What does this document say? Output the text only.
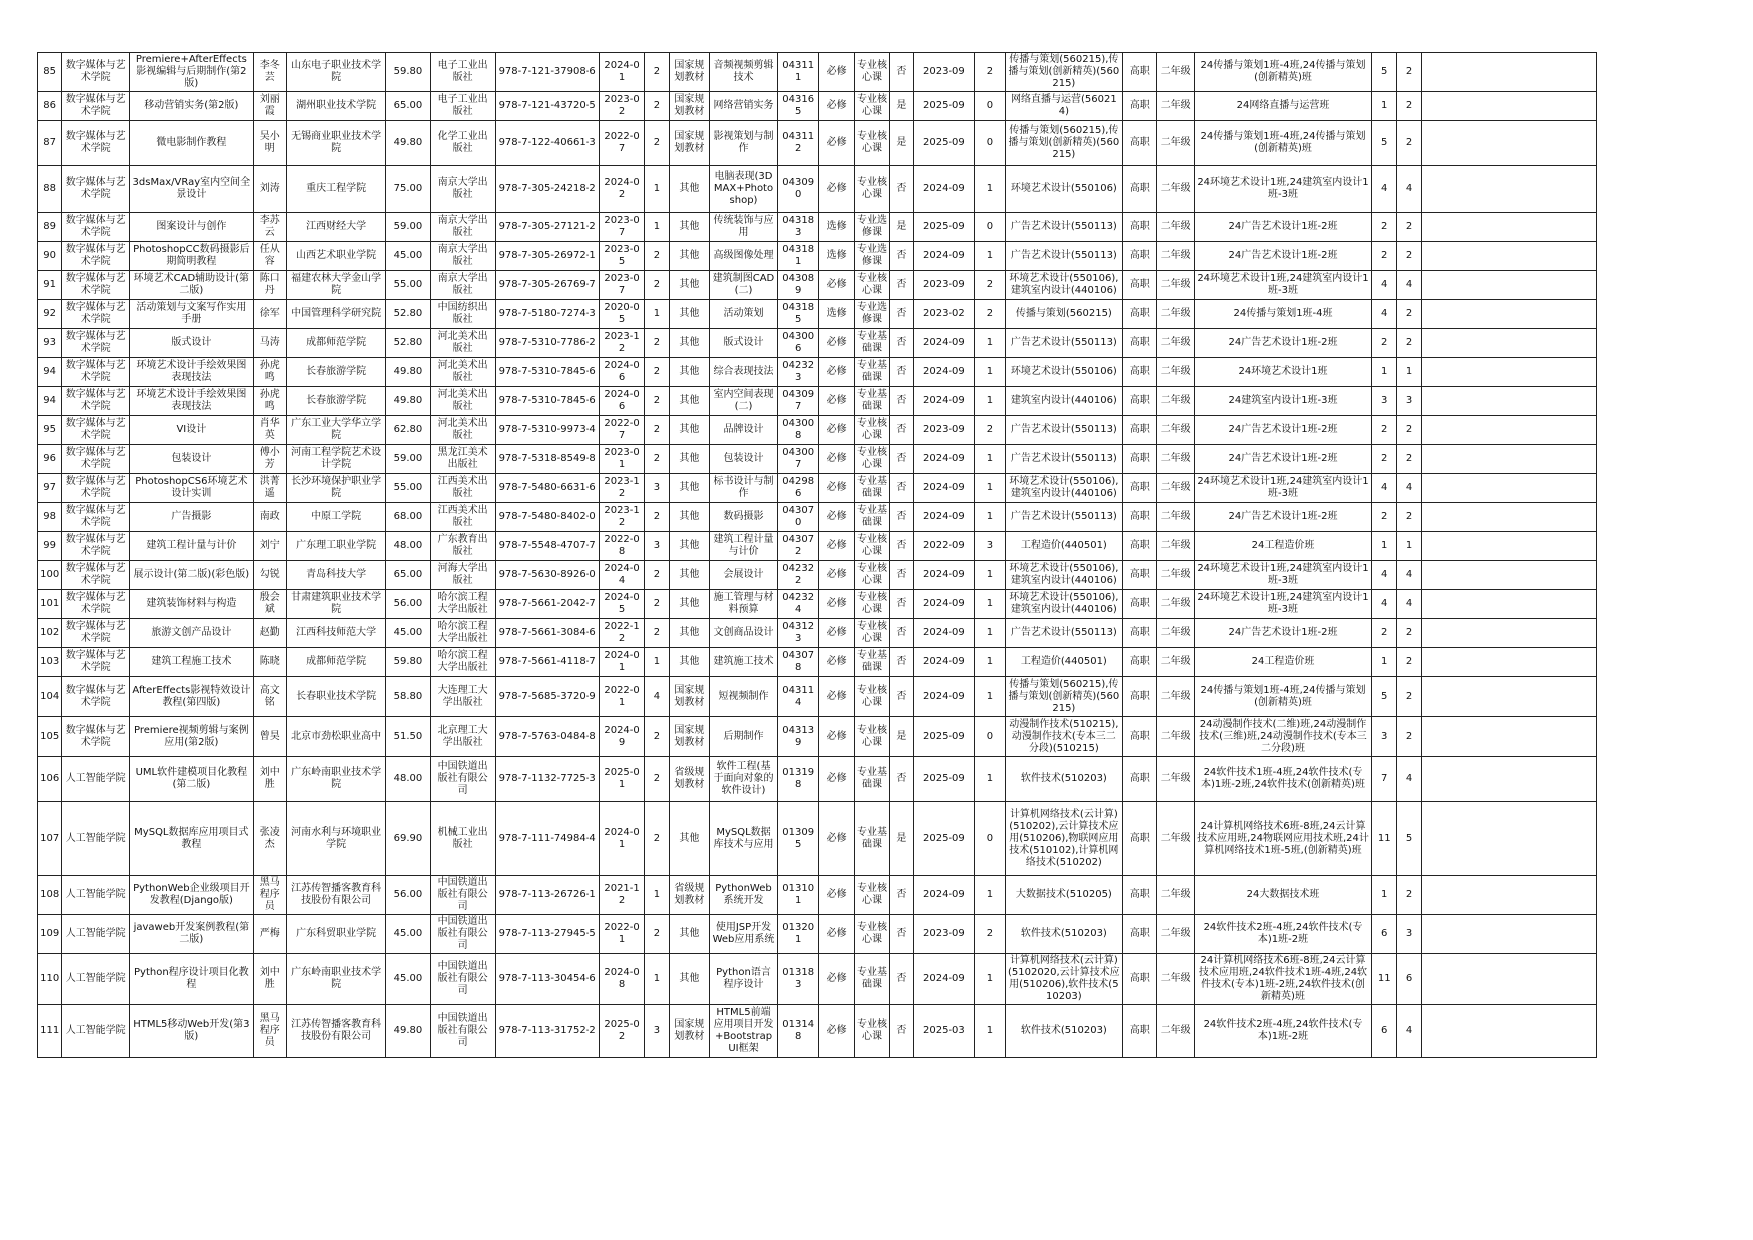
85	数字媒体与艺术学院	Premiere+AfterEffects影视编辑与后期制作(第2版)	李冬芸	山东电子职业技术学院	59.80	电子工业出版社	978-7-121-37908-6	2024-01	2	国家规划教材	音频视频剪辑技术	043111	必修	专业核心课	否	2023-09	2	传播与策划(560215),传播与策划(创新精英)(560215)	高职	二年级	24传播与策划1班-4班,24传播与策划(创新精英)班	5	2	
86	数字媒体与艺术学院	移动营销实务(第2版)	刘丽霞	湖州职业技术学院	65.00	电子工业出版社	978-7-121-43720-5	2023-02	2	国家规划教材	网络营销实务	043165	必修	专业核心课	是	2025-09	0	网络直播与运营(560214)	高职	二年级	24网络直播与运营班	1	2	
87	数字媒体与艺术学院	微电影制作教程	吴小明	无锡商业职业技术学院	49.80	化学工业出版社	978-7-122-40661-3	2022-07	2	国家规划教材	影视策划与制作	043112	必修	专业核心课	是	2025-09	0	传播与策划(560215),传播与策划(创新精英)(560215)	高职	二年级	24传播与策划1班-4班,24传播与策划(创新精英)班	5	2	
88	数字媒体与艺术学院	3dsMax/VRay室内空间全景设计	刘涛	重庆工程学院	75.00	南京大学出版社	978-7-305-24218-2	2024-02	1	其他	电脑表现(3DMAX+Photoshop)	043090	必修	专业核心课	否	2024-09	1	环境艺术设计(550106)	高职	二年级	24环境艺术设计1班,24建筑室内设计1班-3班	4	4	
89	数字媒体与艺术学院	图案设计与创作	李苏云	江西财经大学	59.00	南京大学出版社	978-7-305-27121-2	2023-07	1	其他	传统装饰与应用	043183	选修	专业选修课	是	2025-09	0	广告艺术设计(550113)	高职	二年级	24广告艺术设计1班-2班	2	2	
90	数字媒体与艺术学院	PhotoshopCC数码摄影后期简明教程	任从容	山西艺术职业学院	45.00	南京大学出版社	978-7-305-26972-1	2023-05	2	其他	高级图像处理	043181	选修	专业选修课	否	2024-09	1	广告艺术设计(550113)	高职	二年级	24广告艺术设计1班-2班	2	2	
91	数字媒体与艺术学院	环境艺术CAD辅助设计(第二版)	陈口丹	福建农林大学金山学院	55.00	南京大学出版社	978-7-305-26769-7	2023-07	2	其他	建筑制图CAD(二)	043089	必修	专业核心课	否	2023-09	2	环境艺术设计(550106),建筑室内设计(440106)	高职	二年级	24环境艺术设计1班,24建筑室内设计1班-3班	4	4	
92	数字媒体与艺术学院	活动策划与文案写作实用手册	徐军	中国管理科学研究院	52.80	中国纺织出版社	978-7-5180-7274-3	2020-05	1	其他	活动策划	043185	选修	专业选修课	否	2023-02	2	传播与策划(560215)	高职	二年级	24传播与策划1班-4班	4	2	
93	数字媒体与艺术学院	版式设计	马涛	成都师范学院	52.80	河北美术出版社	978-7-5310-7786-2	2023-12	2	其他	版式设计	043006	必修	专业基础课	否	2024-09	1	广告艺术设计(550113)	高职	二年级	24广告艺术设计1班-2班	2	2	
94	数字媒体与艺术学院	环境艺术设计手绘效果图表现技法	孙虎鸣	长春旅游学院	49.80	河北美术出版社	978-7-5310-7845-6	2024-06	2	其他	综合表现技法	042323	必修	专业基础课	否	2024-09	1	环境艺术设计(550106)	高职	二年级	24环境艺术设计1班	1	1	
94	数字媒体与艺术学院	环境艺术设计手绘效果图表现技法	孙虎鸣	长春旅游学院	49.80	河北美术出版社	978-7-5310-7845-6	2024-06	2	其他	室内空间表现(二)	043097	必修	专业基础课	否	2024-09	1	建筑室内设计(440106)	高职	二年级	24建筑室内设计1班-3班	3	3	
95	数字媒体与艺术学院	VI设计	肖华英	广东工业大学华立学院	62.80	河北美术出版社	978-7-5310-9973-4	2022-07	2	其他	品牌设计	043008	必修	专业核心课	否	2023-09	2	广告艺术设计(550113)	高职	二年级	24广告艺术设计1班-2班	2	2	
96	数字媒体与艺术学院	包装设计	傅小芳	河南工程学院艺术设计学院	59.00	黑龙江美术出版社	978-7-5318-8549-8	2023-01	2	其他	包装设计	043007	必修	专业核心课	否	2024-09	1	广告艺术设计(550113)	高职	二年级	24广告艺术设计1班-2班	2	2	
97	数字媒体与艺术学院	PhotoshopCS6环境艺术设计实训	洪菁遥	长沙环境保护职业学院	55.00	江西美术出版社	978-7-5480-6631-6	2023-12	3	其他	标书设计与制作	042986	必修	专业基础课	否	2024-09	1	环境艺术设计(550106),建筑室内设计(440106)	高职	二年级	24环境艺术设计1班,24建筑室内设计1班-3班	4	4	
98	数字媒体与艺术学院	广告摄影	南政	中原工学院	68.00	江西美术出版社	978-7-5480-8402-0	2023-12	2	其他	数码摄影	043070	必修	专业基础课	否	2024-09	1	广告艺术设计(550113)	高职	二年级	24广告艺术设计1班-2班	2	2	
99	数字媒体与艺术学院	建筑工程计量与计价	刘宁	广东理工职业学院	48.00	广东教育出版社	978-7-5548-4707-7	2022-08	3	其他	建筑工程计量与计价	043072	必修	专业核心课	否	2022-09	3	工程造价(440501)	高职	二年级	24工程造价班	1	1	
100	数字媒体与艺术学院	展示设计(第二版)(彩色版)	勾锐	青岛科技大学	65.00	河海大学出版社	978-7-5630-8926-0	2024-04	2	其他	会展设计	042322	必修	专业核心课	否	2024-09	1	环境艺术设计(550106),建筑室内设计(440106)	高职	二年级	24环境艺术设计1班,24建筑室内设计1班-3班	4	4	
101	数字媒体与艺术学院	建筑装饰材料与构造	殷会斌	甘肃建筑职业技术学院	56.00	哈尔滨工程大学出版社	978-7-5661-2042-7	2024-05	2	其他	施工管理与材料预算	042324	必修	专业核心课	否	2024-09	1	环境艺术设计(550106),建筑室内设计(440106)	高职	二年级	24环境艺术设计1班,24建筑室内设计1班-3班	4	4	
102	数字媒体与艺术学院	旅游文创产品设计	赵勤	江西科技师范大学	45.00	哈尔滨工程大学出版社	978-7-5661-3084-6	2022-12	2	其他	文创商品设计	043123	必修	专业核心课	否	2024-09	1	广告艺术设计(550113)	高职	二年级	24广告艺术设计1班-2班	2	2	
103	数字媒体与艺术学院	建筑工程施工技术	陈晓	成都师范学院	59.80	哈尔滨工程大学出版社	978-7-5661-4118-7	2024-01	1	其他	建筑施工技术	043078	必修	专业基础课	否	2024-09	1	工程造价(440501)	高职	二年级	24工程造价班	1	2	
104	数字媒体与艺术学院	AfterEffects影视特效设计教程(第四版)	高文铭	长春职业技术学院	58.80	大连理工大学出版社	978-7-5685-3720-9	2022-01	4	国家规划教材	短视频制作	043114	必修	专业核心课	否	2024-09	1	传播与策划(560215),传播与策划(创新精英)(560215)	高职	二年级	24传播与策划1班-4班,24传播与策划(创新精英)班	5	2	
105	数字媒体与艺术学院	Premiere视频剪辑与案例应用(第2版)	曾昊	北京市劲松职业高中	51.50	北京理工大学出版社	978-7-5763-0484-8	2024-09	2	国家规划教材	后期制作	043139	必修	专业核心课	是	2025-09	0	动漫制作技术(510215),动漫制作技术(专本三二分段)(510215)	高职	二年级	24动漫制作技术(二维)班,24动漫制作技术(三维)班,24动漫制作技术(专本三二分段)班	3	2	
106	人工智能学院	UML软件建模项目化教程(第二版)	刘中胜	广东岭南职业技术学院	48.00	中国铁道出版社有限公司	978-7-1132-7725-3	2025-01	2	省级规划教材	软件工程(基于面向对象的软件设计)	013198	必修	专业基础课	否	2025-09	1	软件技术(510203)	高职	二年级	24软件技术1班-4班,24软件技术(专本)1班-2班,24软件技术(创新精英)班	7	4	
107	人工智能学院	MySQL数据库应用项目式教程	张凌杰	河南水利与环境职业学院	69.90	机械工业出版社	978-7-111-74984-4	2024-01	2	其他	MySQL数据库技术与应用	013095	必修	专业基础课	是	2025-09	0	计算机网络技术(云计算)(510202),云计算技术应用(510206),物联网应用技术(510102),计算机网络技术(510202)	高职	二年级	24计算机网络技术6班-8班,24云计算技术应用班,24物联网应用技术班,24计算机网络技术1班-5班,(创新精英)班	11	5	
108	人工智能学院	PythonWeb企业级项目开发教程(Django版)	黑马程序员	江苏传智播客教育科技股份有限公司	56.00	中国铁道出版社有限公司	978-7-113-26726-1	2021-12	1	省级规划教材	PythonWeb系统开发	013101	必修	专业核心课	否	2024-09	1	大数据技术(510205)	高职	二年级	24大数据技术班	1	2	
109	人工智能学院	javaweb开发案例教程(第二版)	严梅	广东科贸职业学院	45.00	中国铁道出版社有限公司	978-7-113-27945-5	2022-01	2	其他	使用JSP开发Web应用系统	013201	必修	专业核心课	否	2023-09	2	软件技术(510203)	高职	二年级	24软件技术2班-4班,24软件技术(专本)1班-2班	6	3	
110	人工智能学院	Python程序设计项目化教程	刘中胜	广东岭南职业技术学院	45.00	中国铁道出版社有限公司	978-7-113-30454-6	2024-08	1	其他	Python语言程序设计	013183	必修	专业基础课	否	2024-09	1	计算机网络技术(云计算)(5102020,云计算技术应用(510206),软件技术(510203)	高职	二年级	24计算机网络技术6班-8班,24云计算技术应用班,24软件技术1班-4班,24软件技术(专本)1班-2班,24软件技术(创新精英)班	11	6	
111	人工智能学院	HTML5移动Web开发(第3版)	黑马程序员	江苏传智播客教育科技股份有限公司	49.80	中国铁道出版社有限公司	978-7-113-31752-2	2025-02	3	国家规划教材	HTML5前端应用项目开发+BootstrapUI框架	013148	必修	专业核心课	否	2025-03	1	软件技术(510203)	高职	二年级	24软件技术2班-4班,24软件技术(专本)1班-2班	6	4	
